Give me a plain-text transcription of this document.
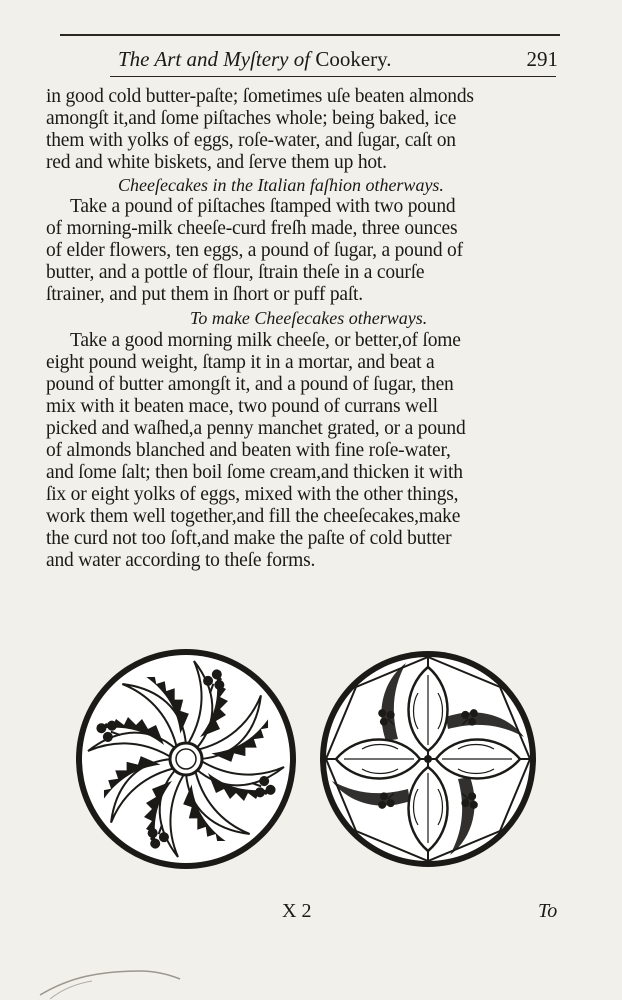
The Art and Myſtery of Cookery.	291
in good cold butter-paſte; ſometimes uſe beaten almonds
amongſt it,and ſome piſtaches whole; being baked, ice
them with yolks of eggs, roſe-water, and ſugar, caſt on
red and white biskets, and ſerve them up hot.
Cheeſecakes in the Italian faſhion otherways.
Take a pound of piſtaches ſtamped with two pound
of morning-milk cheeſe-curd freſh made, three ounces
of elder flowers, ten eggs, a pound of ſugar, a pound of
butter, and a pottle of flour, ſtrain theſe in a courſe
ſtrainer, and put them in ſhort or puff paſt.
To make Cheeſecakes otherways.
Take a good morning milk cheeſe, or better,of ſome
eight pound weight, ſtamp it in a mortar, and beat a
pound of butter amongſt it, and a pound of ſugar, then
mix with it beaten mace, two pound of currans well
picked and waſhed,a penny manchet grated, or a pound
of almonds blanched and beaten with fine roſe-water,
and ſome ſalt; then boil ſome cream,and thicken it with
ſix or eight yolks of eggs, mixed with the other things,
work them well together,and fill the cheeſecakes,make
the curd not too ſoft,and make the paſte of cold butter
and water according to theſe forms.
X 2	To
